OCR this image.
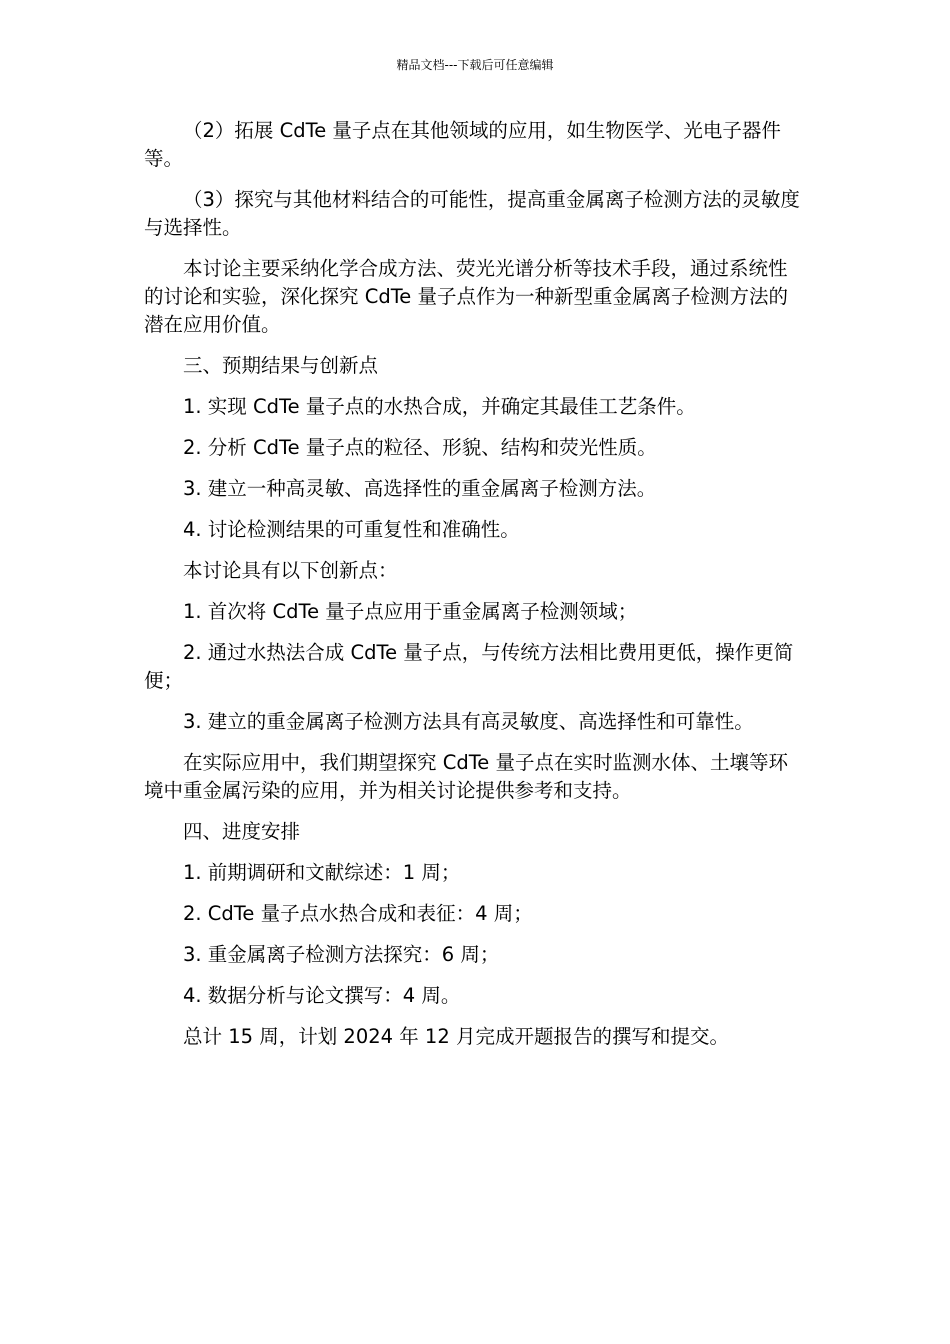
精品文档---下载后可任意编辑

（2）拓展 CdTe 量子点在其他领域的应用，如生物医学、光电子器件等。

（3）探究与其他材料结合的可能性，提高重金属离子检测方法的灵敏度与选择性。

本讨论主要采纳化学合成方法、荧光光谱分析等技术手段，通过系统性的讨论和实验，深化探究 CdTe 量子点作为一种新型重金属离子检测方法的潜在应用价值。

三、预期结果与创新点

1. 实现 CdTe 量子点的水热合成，并确定其最佳工艺条件。

2. 分析 CdTe 量子点的粒径、形貌、结构和荧光性质。

3. 建立一种高灵敏、高选择性的重金属离子检测方法。

4. 讨论检测结果的可重复性和准确性。

本讨论具有以下创新点：

1. 首次将 CdTe 量子点应用于重金属离子检测领域；

2. 通过水热法合成 CdTe 量子点，与传统方法相比费用更低，操作更简便；

3. 建立的重金属离子检测方法具有高灵敏度、高选择性和可靠性。

在实际应用中，我们期望探究 CdTe 量子点在实时监测水体、土壤等环境中重金属污染的应用，并为相关讨论提供参考和支持。

四、进度安排

1. 前期调研和文献综述：1 周；

2. CdTe 量子点水热合成和表征：4 周；

3. 重金属离子检测方法探究：6 周；

4. 数据分析与论文撰写：4 周。

总计 15 周，计划 2024 年 12 月完成开题报告的撰写和提交。
